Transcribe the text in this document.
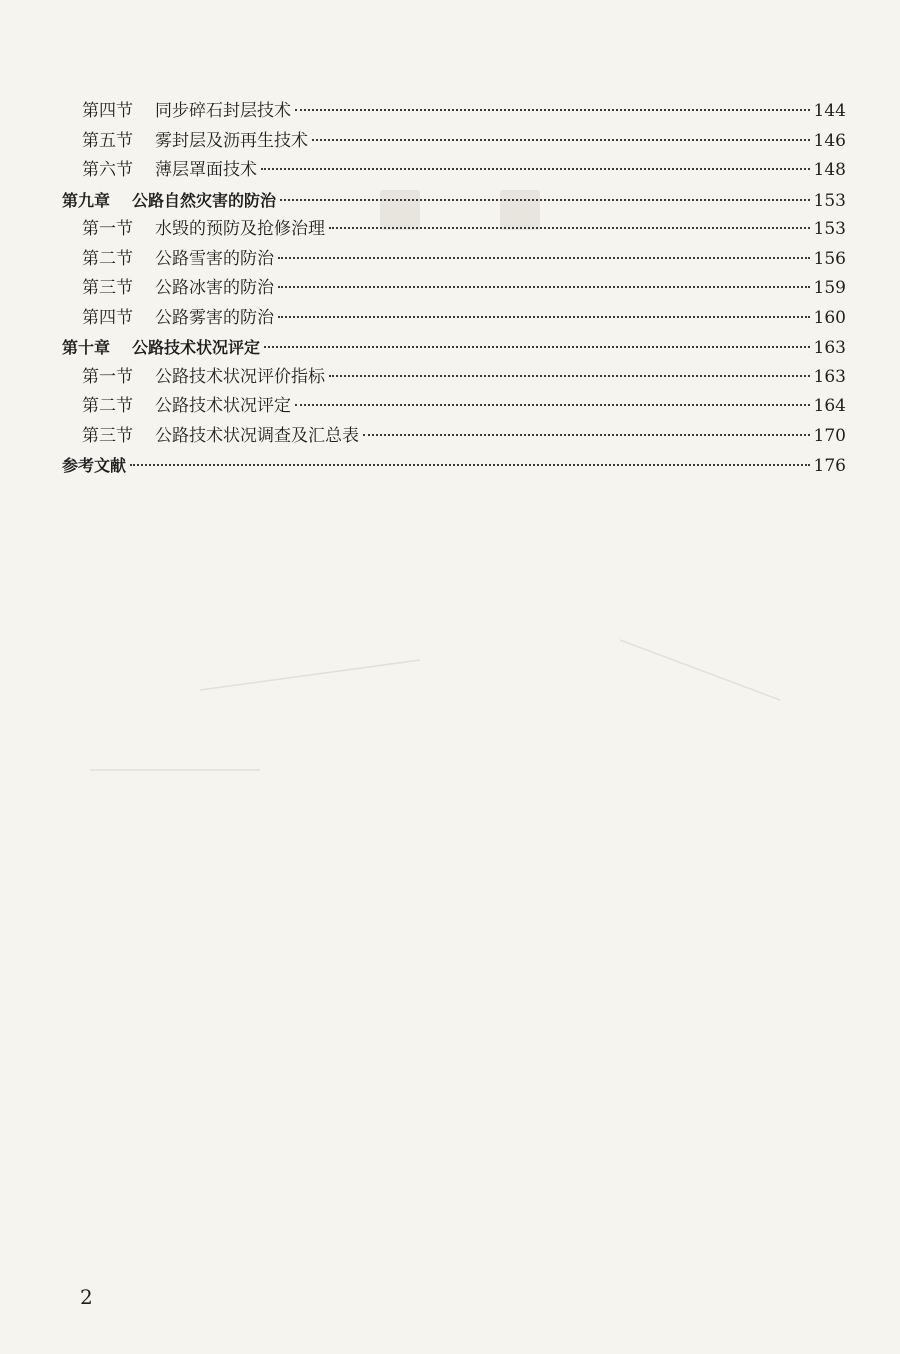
第四节 同步碎石封层技术	144
第五节 雾封层及沥再生技术	146
第六节 薄层罩面技术	148
第九章 公路自然灾害的防治	153
第一节 水毁的预防及抢修治理	153
第二节 公路雪害的防治	156
第三节 公路冰害的防治	159
第四节 公路雾害的防治	160
第十章 公路技术状况评定	163
第一节 公路技术状况评价指标	163
第二节 公路技术状况评定	164
第三节 公路技术状况调查及汇总表	170
参考文献	176
2
